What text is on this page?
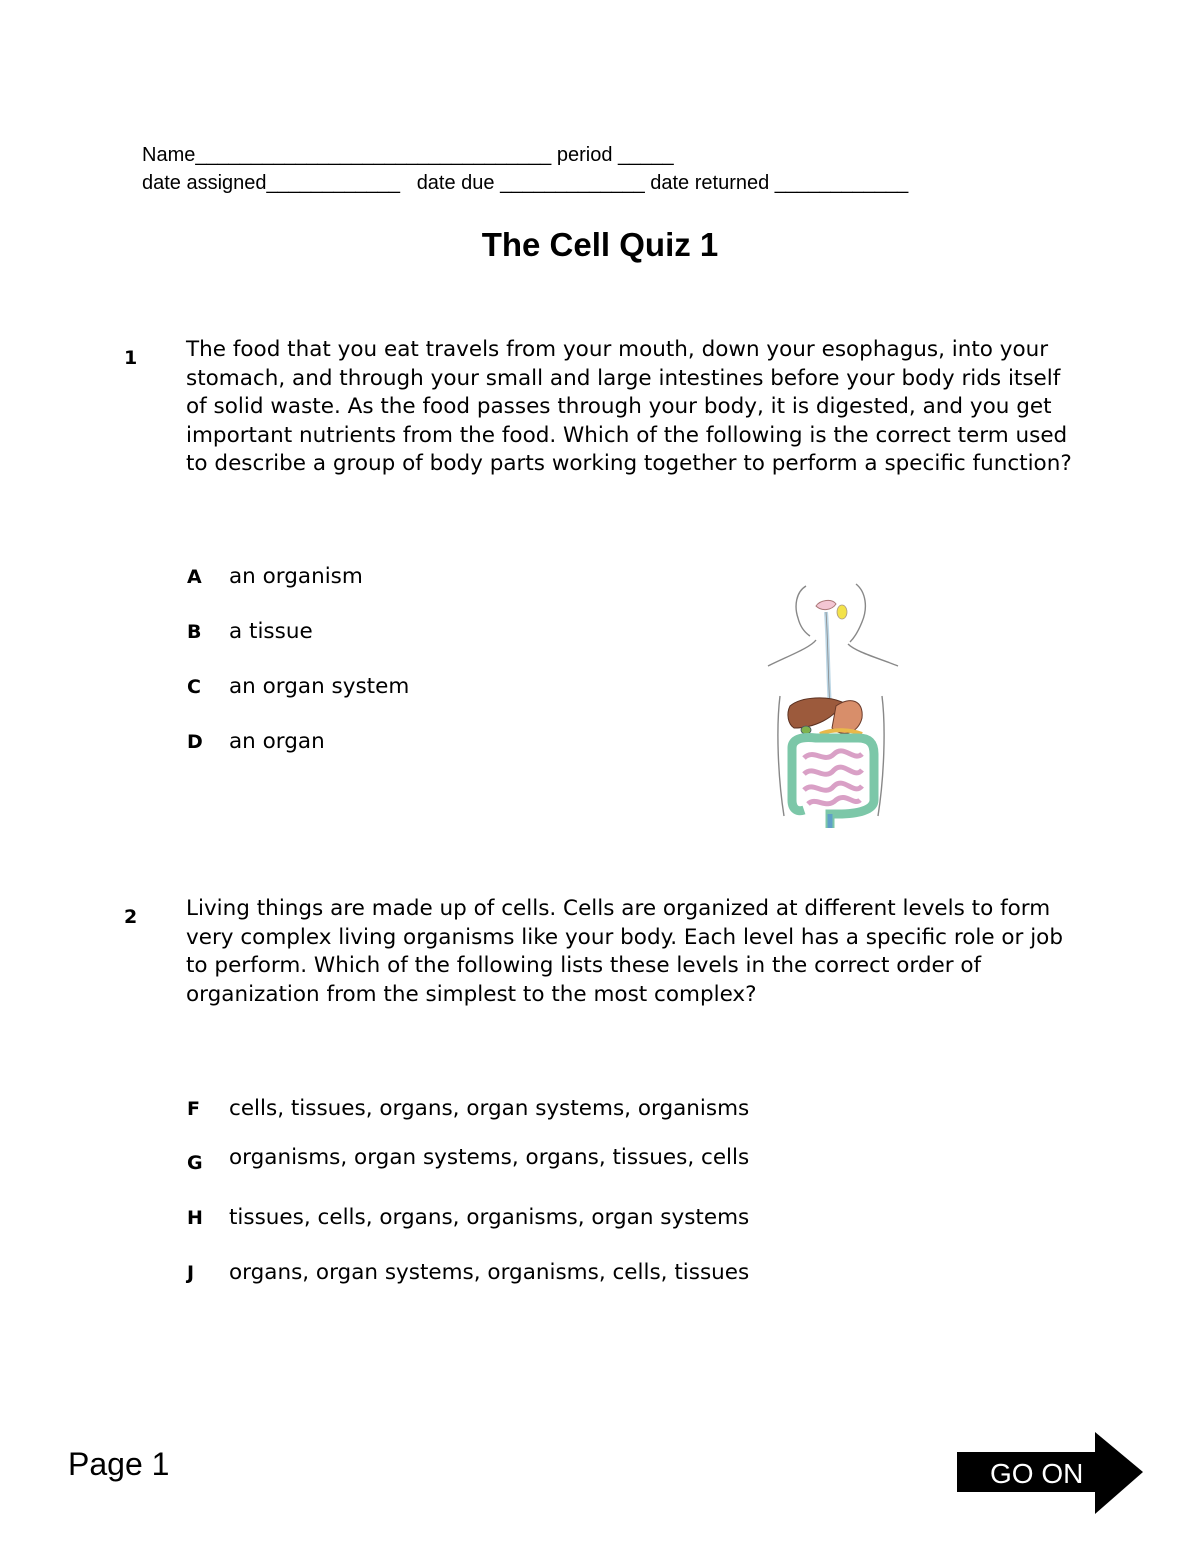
Name________________________________ period _____
date assigned____________   date due _____________ date returned ____________
The Cell Quiz 1
1 The food that you eat travels from your mouth, down your esophagus, into your stomach, and through your small and large intestines before your body rids itself of solid waste. As the food passes through your body, it is digested, and you get important nutrients from the food. Which of the following is the correct term used to describe a group of body parts working together to perform a specific function?
A an organism
B a tissue
C an organ system
D an organ
2 Living things are made up of cells. Cells are organized at different levels to form very complex living organisms like your body. Each level has a specific role or job to perform. Which of the following lists these levels in the correct order of organization from the simplest to the most complex?
F cells, tissues, organs, organ systems, organisms
G organisms, organ systems, organs, tissues, cells
H tissues, cells, organs, organisms, organ systems
J organs, organ systems, organisms, cells, tissues
Page 1	GO ON
